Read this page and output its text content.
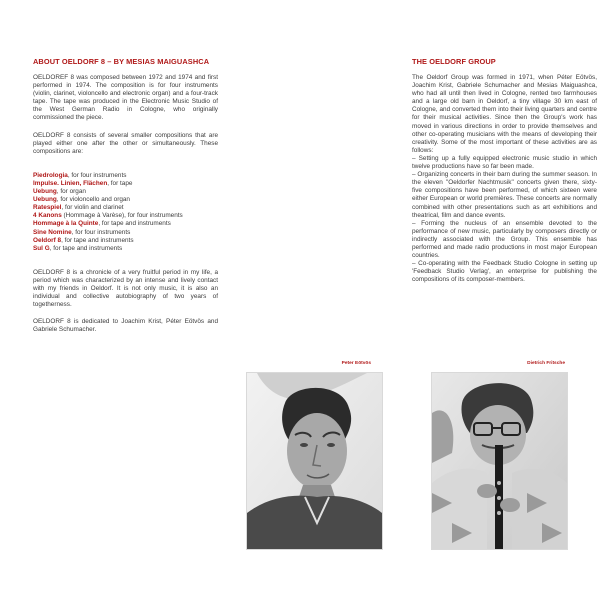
ABOUT OELDORF 8 – BY MESIAS MAIGUASHCA

OELDOREF 8 was composed between 1972 and 1974 and first performed in 1974. The composition is for four instruments (violin, clarinet, violoncello and electronic organ) and a four-track tape. The tape was produced in the Electronic Music Studio of the West German Radio in Cologne, who originally commissioned the piece.

OELDORF 8 consists of several smaller compositions that are played either one after the other or simultaneously. These compositions are:

Piedrologia, for four instruments
Impulse. Linien, Flächen, for tape
Uebung, for organ
Uebung, for violoncello and organ
Ratespiel, for violin and clarinet
4 Kanons (Hommage à Varèse), for four instruments
Hommage à la Quinte, for tape and instruments
Sine Nomine, for four instruments
Oeldorf 8, for tape and instruments
Sul G, for tape and instruments

OELDORF 8 is a chronicle of a very fruitful period in my life, a period which was characterized by an intense and lively contact with my friends in Oeldorf. It is not only music, it is also an individual and collective autobiography of two years of togetherness.

OELDORF 8 is dedicated to Joachim Krist, Péter Eötvös and Gabriele Schumacher.

THE OELDORF GROUP

The Oeldorf Group was formed in 1971, when Péter Eötvös, Joachim Krist, Gabriele Schumacher and Mesias Maiguashca, who had all until then lived in Cologne, rented two farmhouses and a large old barn in Oeldorf, a tiny village 30 km east of Cologne, and converted them into their living quarters and centre for their musical activities. Since then the Group's work has moved in various directions in order to provide themselves and other co-operating musicians with the means of developing their creativity. Some of the most important of these activities are as follows:

– Setting up a fully equipped electronic music studio in which twelve productions have so far been made.

– Organizing concerts in their barn during the summer season. In the eleven "Oeldorfer Nachtmusik" concerts given there, sixty-five compositions have been performed, of which sixteen were either European or world premières. These concerts are normally combined with other presentations such as art exhibitions and theatrical, film and dance events.

– Forming the nucleus of an ensemble devoted to the performance of new music, particularly by composers directly or indirectly associated with the Group. This ensemble has performed and made radio productions in most major European countries.

– Co-operating with the Feedback Studio Cologne in setting up 'Feedback Studio Verlag', an enterprise for publishing the compositions of its composer-members.

Peter Eötvös	Dietrich Fritsche
